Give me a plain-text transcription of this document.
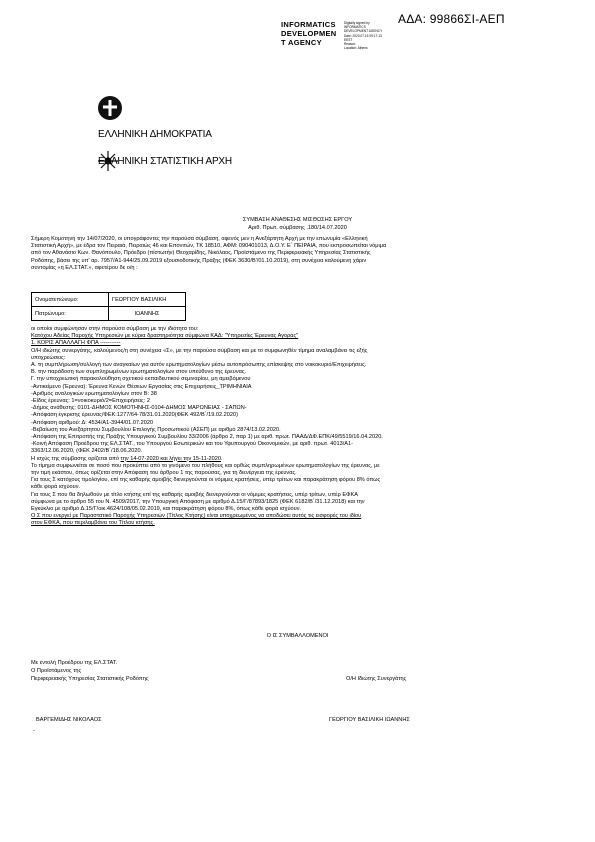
ΑΔΑ: 99866ΣΙ-ΑΕΠ
INFORMATICS
DEVELOPMEN
T AGENCY
Digitally signed by
INFORMATICS
DEVELOPMENT AGENCY
Date: 2020.07.15 09:17:13
EEST
Reason:
Location: Athens
ΕΛΛΗΝΙΚΗ ΔΗΜΟΚΡΑΤΙΑ
ΕΛΛΗΝΙΚΗ ΣΤΑΤΙΣΤΙΚΗ ΑΡΧΗ
ΣΥΜΒΑΣΗ ΑΝΑΘΕΣΗΣ ΜΙΣΘΩΣΗΣ ΕΡΓΟΥ
Αριθ. Πρωτ. σύμβασης .180/14.07.2020
Σήμερη Κομοτηνή την 14/07/2020, οι υπογράφοντες την παρούσα σύμβαση, αφενός μεν η Ανεξάρτητη Αρχή με την επωνυμία «Ελληνική
Στατιστική Αρχή», με έδρα τον Πειραιά, Πειραιώς 46 και Επονιτών, ΤΚ 18510, ΑΦΜ: 090401013, Δ.Ο.Υ. Ε΄ ΠΕΙΡΑΙΑ, που εκπροσωπείται νόμιμα
από τον Αθανάσιο Κων. Θανόπουλο, Πρόεδρο (πίστωτήν) Θεοχαρίδης, Νικόλαος, Προϊστάμενο της Περιφερειακής Υπηρεσίας Στατιστικής
Ροδόπης, βάσει της υπ' αρ. 7957/Α1-944/25.09.2019 εξουσιοδοτικής Πράξης (ΦΕΚ 3630/Β'/01.10.2019), στη συνέχεια καλούμενη χάριν
συντομίας «η ΕΛ.ΣΤΑΤ.», αφετέρου δε ο/η :
Ονοματεπώνυμο:	ΓΕΩΡΓΙΟΥ ΒΑΣΙΛΙΚΗ
Πατρώνυμο:	ΙΩΑΝΝΗΣ
οι οποίοι συμφώνησαν στην παρούσα σύμβαση με την ιδιότητα του:
Κατόχου Αδείας Παροχής Υπηρεσιών με κύρια δραστηριότητα σύμφωνα ΚΑΔ: "Υπηρεσίες Έρευνας Αγοράς"
1. ΚΟΡΙΣ ΑΠΑΛΛΑΓΗ ΦΠΑ -----------
Ο/Η ιδιώτης συνεργάτης, καλούμενος/η στη συνέχεια «Σ», με την παρούσα σύμβαση και με το συμφωνηθέν τίμημα αναλαμβάνει τις εξής
υποχρεώσεις:
Α. τη συμπλήρωση/συλλογή των αναγκαίων για αυτόν ερωτηματολογίων μέσω αυτοπρόσωπης επίσκεψης στο νοικοκυριό/Επιχειρήσεις.
Β. την παράδοση των συμπληρωμένων ερωτηματολογίων στον υπεύθυνο της έρευνας.
Γ. την υποχρεωτική παρακολούθηση σχετικού εκπαιδευτικού σεμιναρίου, μη αμειβόμενου
-Αντικείμενο (Έρευνα): Έρευνα Κενών Θέσεων Εργασίας στις Επιχειρήσεις_ΤΡΙΜΗΝΙΑΙΑ
-Αριθμός αναλογικών ερωτηματολογίων στον Β: 38
-Είδος έρευνας: 1=νοικοκυριό/2=Επιχειρήσεις: 2
-Δήμος ανάθεσης: 0101-ΔΗΜΟΣ ΚΟΜΟΤΗΝΗΣ-0104-ΔΗΜΟΣ ΜΑΡΩΝΕΙΑΣ - ΣΑΠΩΝ-
-Απόφαση έγκρισης έρευνας/ΦΕΚ:1277/64-78/31.01.2020(ΦΕΚ 492/Β΄/19.02.2020)
-Απόφαση αριθμού: Δ: 4534/Α1-3944/01.07.2020
-Βεβαίωση του Ανεξάρτητου Συμβουλίου Επιλογής Προσωπικού (ΑΣΕΠ) με αριθμό 2874/13.02.2020.
-Απόφαση της Επιτροπής της Πράξης Υπουργικού Συμβουλίου 33/2006 (άρθρο 2, παρ 1) με αριθ. πρωτ. ΠΑΑΔ/ΔΦ.ΕΠΚ/49/5519/16.04.2020.
-Κοινή Απόφαση Προέδρου της ΕΛ.ΣΤΑΤ., του Υπουργού Εσωτερικών και του Υφυπουργού Οικονομικών, με αριθ. πρωτ. 4013/Α1-
3363/12.06.2020, (ΦΕΚ 2402/Β΄/18.06.2020.
Η ισχύς της σύμβασης ορίζεται από την 14-07-2020 και λήγει την 15-11-2020.
Το τίμημα συμφωνείται σε ποσό που προκύπτει από το γινόμενο του πλήθους και ορθώς συμπληρωμένων ερωτηματολογίων της έρευνας, με
την τιμή εκάστου, όπως ορίζεται στην Απόφαση του άρθρου 1 της παρούσας, για τη διενέργεια της έρευνας.
Για τους Σ κατόχους τιμολογίου, επί της καθαρής αμοιβής διενεργούνται οι νόμιμες κρατήσεις, υπέρ τρίτων και παρακράτηση φόρου 8% όπως
κάθε φορά ισχύουν.
Για τους Σ που θα δηλωθούν με τίτλο κτήσης επί της καθαρής αμοιβής διενεργούνται οι νόμιμες κρατήσεις, υπέρ τρίτων, υπέρ ΕΦΚΑ
σύμφωνα με το άρθρο 55 του Ν. 4509/2017, την Υπουργική Απόφαση με αριθμό Δ.15/Γ/87893/1825 (ΦΕΚ 6182/Β΄/31.12.2018) και την
Εγκύκλιο με αριθμό Δ.15/Γ/οικ.4624/108/05.02.2019, και παρακράτηση φόρου 8%, όπως κάθε φορά ισχύουν.
Ο Σ που ενεργεί με Παραστατικό Παροχής Υπηρεσιών (Τίτλος Κτήσης) είναι υποχρεωμένος να αποδώσει αυτός τις εισφορές του ιδίου
στον ΕΦΚΑ, που περιλαμβάνει του Τίτλου κτήσης.
Ο ΙΣ ΣΥΜΒΑΛΛΟΜΕΝΟΙ
Με εντολή Προέδρου της ΕΛ.ΣΤΑΤ.
Ο Προϊστάμενος της
Περιφερειακής Υπηρεσίας Στατιστικής Ροδόπης	Ο/Η Ιδιώτης Συνεργάτης
ΒΑΡΓΕΜΙΔΗΣ ΝΙΚΟΛΑΟΣ	ΓΕΩΡΓΙΟΥ ΒΑΣΙΛΙΚΗ ΙΩΑΝΝΗΣ
-
